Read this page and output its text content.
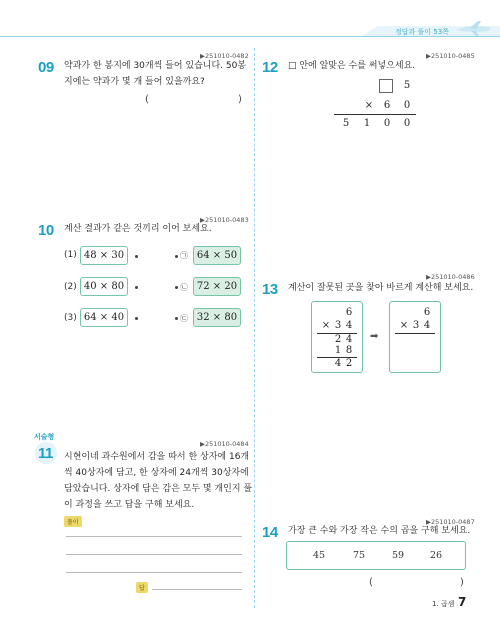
정답과 풀이 53쪽
▶251010-0482
09 약과가 한 봉지에 30개씩 들어 있습니다. 50봉
지에는 약과가 몇 개 들어 있을까요?
(	)
▶251010-0483
10 계산 결과가 같은 것끼리 이어 보세요.
(1) 48 × 30	㉠ 64 × 50
(2) 40 × 80	㉡ 72 × 20
(3) 64 × 40	㉢ 32 × 80
서술형
11
▶251010-0484
시현이네 과수원에서 감을 따서 한 상자에 16개
씩 40상자에 담고, 한 상자에 24개씩 30상자에
담았습니다. 상자에 담은 감은 모두 몇 개인지 풀
이 과정을 쓰고 답을 구해 보세요.
풀이
답
▶251010-0485
12 □ 안에 알맞은 수를 써넣으세요.
5
× 6 0
5 1 0 0
▶251010-0486
13 계산이 잘못된 곳을 찾아 바르게 계산해 보세요.
6
× 3 4
2 4
1 8
4 2
➡
6
× 3 4
▶251010-0487
14 가장 큰 수와 가장 작은 수의 곱을 구해 보세요.
45	75	59	26
(	)
1. 곱셈 7
